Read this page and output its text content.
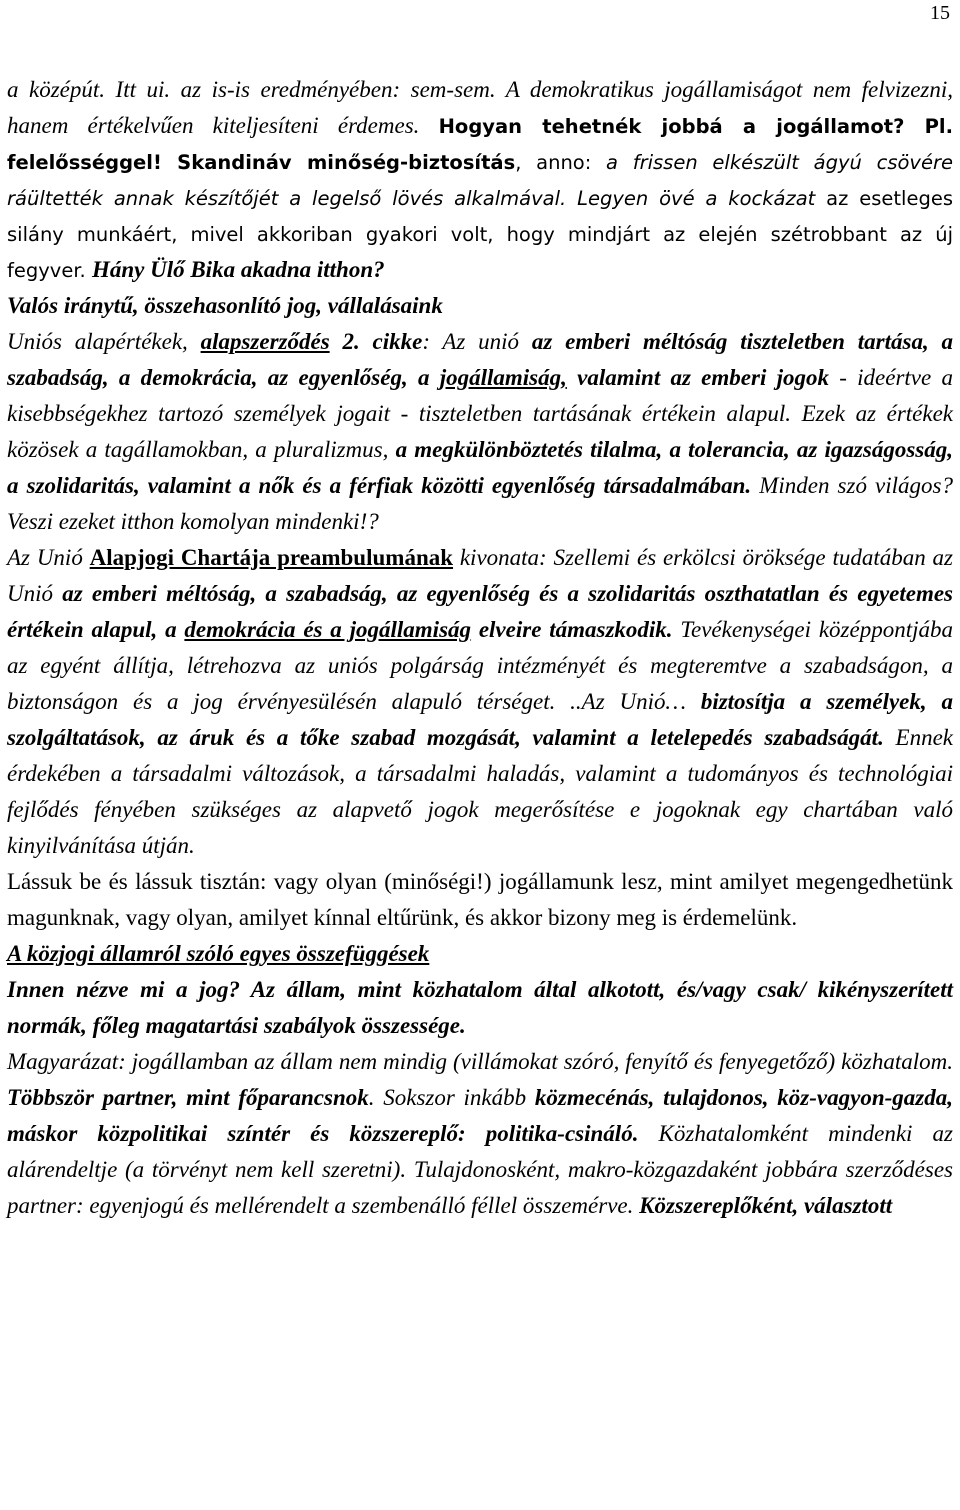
15

a középút. Itt ui. az is-is eredményében: sem-sem. A demokratikus jogállamiságot nem felvizezni, hanem értékelvűen kiteljesíteni érdemes. Hogyan tehetnék jobbá a jogállamot? Pl. felelősséggel! Skandináv minőség-biztosítás, anno: a frissen elkészült ágyú csövére ráültették annak készítőjét a legelső lövés alkalmával. Legyen övé a kockázat az esetleges silány munkáért, mivel akkoriban gyakori volt, hogy mindjárt az elején szétrobbant az új fegyver. Hány Ülő Bika akadna itthon?

Valós iránytű, összehasonlító jog, vállalásaink

Uniós alapértékek, alapszerződés 2. cikke: Az unió az emberi méltóság tiszteletben tartása, a szabadság, a demokrácia, az egyenlőség, a jogállamiság, valamint az emberi jogok - ideértve a kisebbségekhez tartozó személyek jogait - tiszteletben tartásának értékein alapul. Ezek az értékek közösek a tagállamokban, a pluralizmus, a megkülönböztetés tilalma, a tolerancia, az igazságosság, a szolidaritás, valamint a nők és a férfiak közötti egyenlőség társadalmában. Minden szó világos? Veszi ezeket itthon komolyan mindenki!?

Az Unió Alapjogi Chartája preambulumának kivonata: Szellemi és erkölcsi öröksége tudatában az Unió az emberi méltóság, a szabadság, az egyenlőség és a szolidaritás oszthatatlan és egyetemes értékein alapul, a demokrácia és a jogállamiság elveire támaszkodik. Tevékenységei középpontjába az egyént állítja, létrehozva az uniós polgárság intézményét és megteremtve a szabadságon, a biztonságon és a jog érvényesülésén alapuló térséget. ..Az Unió… biztosítja a személyek, a szolgáltatások, az áruk és a tőke szabad mozgását, valamint a letelepedés szabadságát. Ennek érdekében a társadalmi változások, a társadalmi haladás, valamint a tudományos és technológiai fejlődés fényében szükséges az alapvető jogok megerősítése e jogoknak egy chartában való kinyilvánítása útján.

Lássuk be és lássuk tisztán: vagy olyan (minőségi!) jogállamunk lesz, mint amilyet megengedhetünk magunknak, vagy olyan, amilyet kínnal eltűrünk, és akkor bizony meg is érdemelünk.

A közjogi államról szóló egyes összefüggések

Innen nézve mi a jog? Az állam, mint közhatalom által alkotott, és/vagy csak/ kikényszerített normák, főleg magatartási szabályok összessége.

Magyarázat: jogállamban az állam nem mindig (villámokat szóró, fenyítő és fenyegetőző) közhatalom. Többször partner, mint főparancsnok. Sokszor inkább közmecénás, tulajdonos, köz-vagyon-gazda, máskor közpolitikai színtér és közszereplő: politika-csináló. Közhatalomként mindenki az alárendeltje (a törvényt nem kell szeretni). Tulajdonosként, makro-közgazdaként jobbára szerződéses partner: egyenjogú és mellérendelt a szembenálló féllel összemérve. Közszereplőként, választott
